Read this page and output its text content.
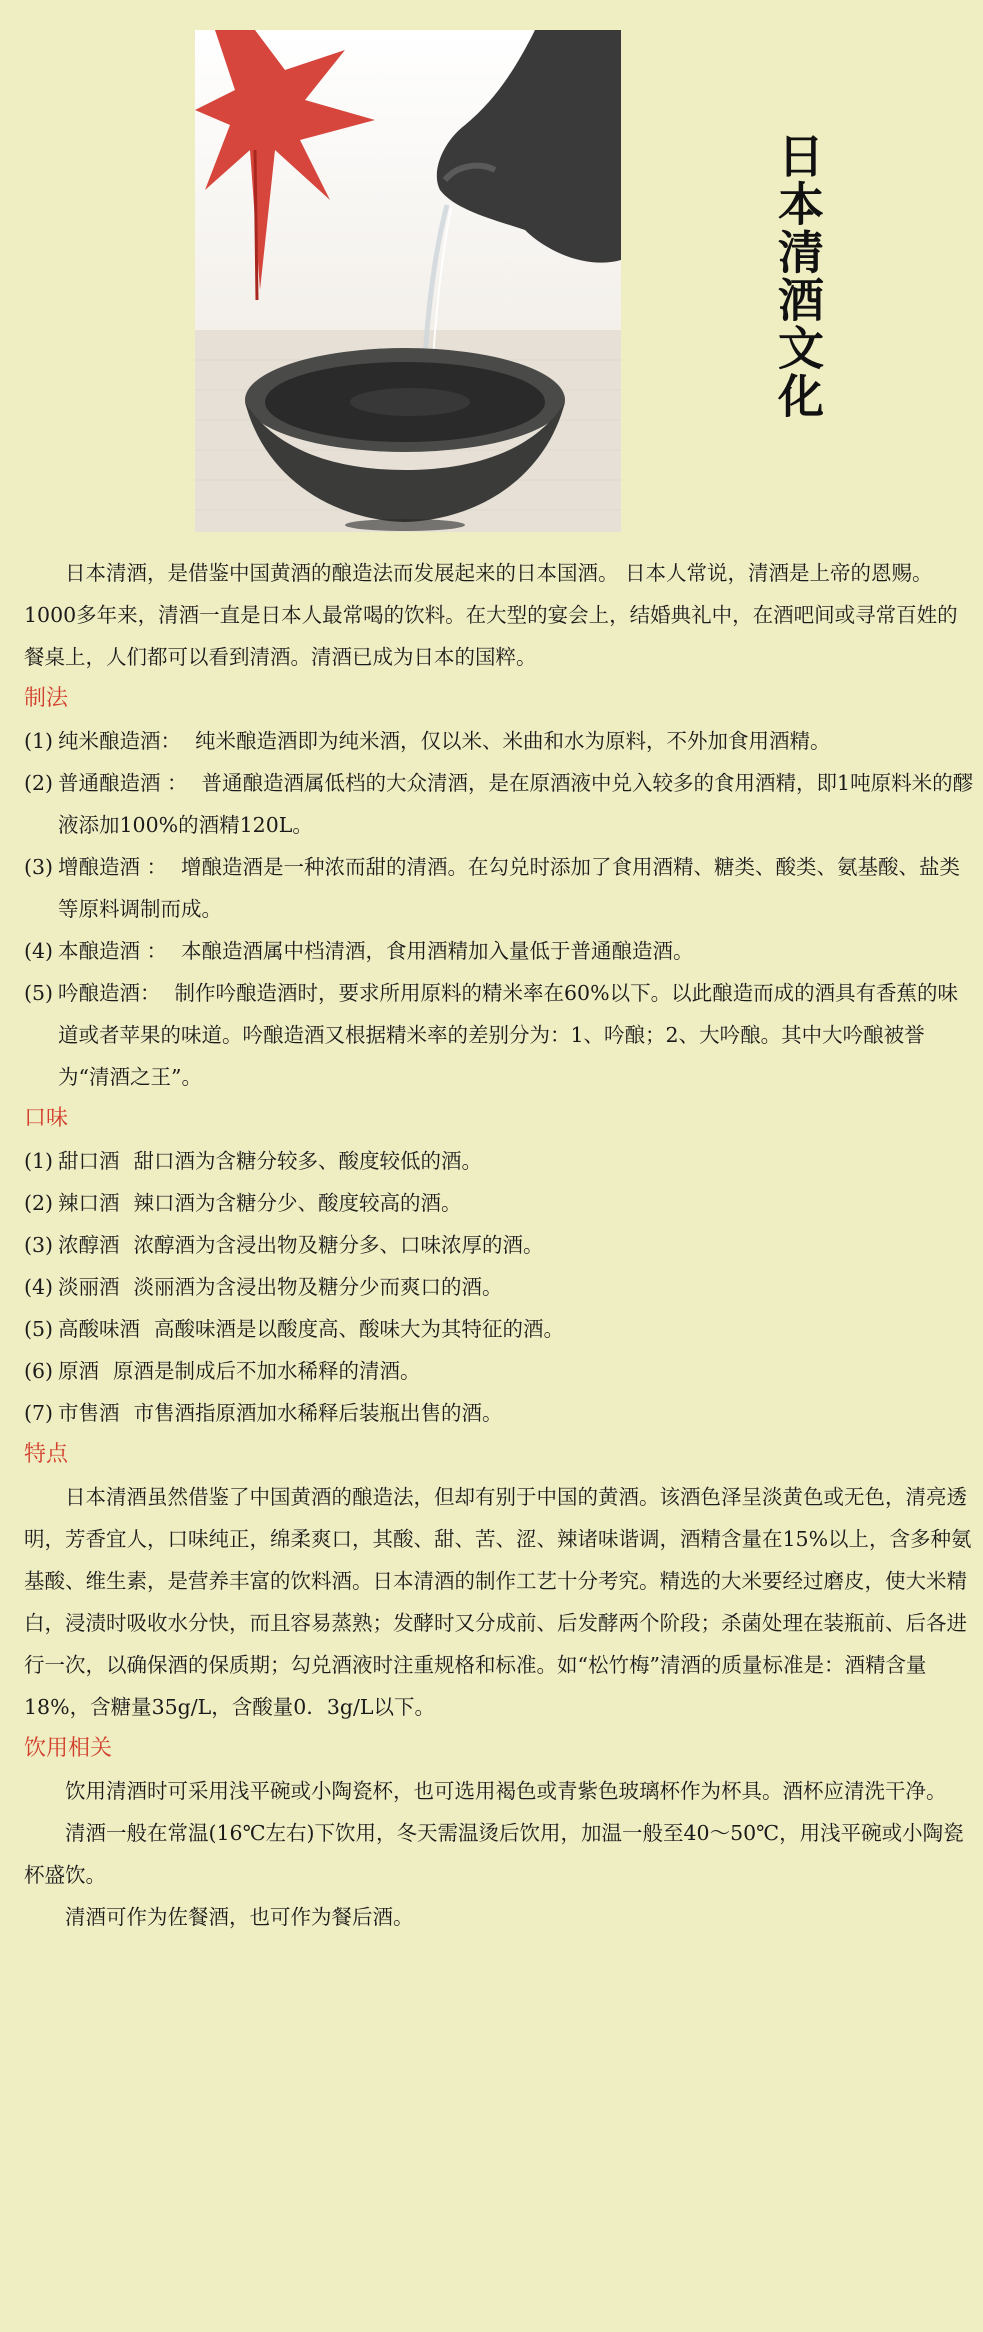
日本清酒文化

日本清酒，是借鉴中国黄酒的酿造法而发展起来的日本国酒。 日本人常说，清酒是上帝的恩赐。1000多年来，清酒一直是日本人最常喝的饮料。在大型的宴会上，结婚典礼中，在酒吧间或寻常百姓的餐桌上，人们都可以看到清酒。清酒已成为日本的国粹。

制法

(1) 纯米酿造酒： 纯米酿造酒即为纯米酒，仅以米、米曲和水为原料，不外加食用酒精。
(2) 普通酿造酒 ： 普通酿造酒属低档的大众清酒，是在原酒液中兑入较多的食用酒精，即1吨原料米的醪液添加100%的酒精120L。
(3) 增酿造酒 ： 增酿造酒是一种浓而甜的清酒。在勾兑时添加了食用酒精、糖类、酸类、氨基酸、盐类等原料调制而成。
(4) 本酿造酒 ： 本酿造酒属中档清酒，食用酒精加入量低于普通酿造酒。
(5) 吟酿造酒： 制作吟酿造酒时，要求所用原料的精米率在60%以下。以此酿造而成的酒具有香蕉的味道或者苹果的味道。吟酿造酒又根据精米率的差别分为：1、吟酿；2、大吟酿。其中大吟酿被誉为“清酒之王”。

口味

(1) 甜口酒 甜口酒为含糖分较多、酸度较低的酒。
(2) 辣口酒 辣口酒为含糖分少、酸度较高的酒。
(3) 浓醇酒 浓醇酒为含浸出物及糖分多、口味浓厚的酒。
(4) 淡丽酒 淡丽酒为含浸出物及糖分少而爽口的酒。
(5) 高酸味酒 高酸味酒是以酸度高、酸味大为其特征的酒。
(6) 原酒 原酒是制成后不加水稀释的清酒。
(7) 市售酒 市售酒指原酒加水稀释后装瓶出售的酒。

特点

日本清酒虽然借鉴了中国黄酒的酿造法，但却有别于中国的黄酒。该酒色泽呈淡黄色或无色，清亮透明，芳香宜人，口味纯正，绵柔爽口，其酸、甜、苦、涩、辣诸味谐调，酒精含量在15%以上，含多种氨基酸、维生素，是营养丰富的饮料酒。日本清酒的制作工艺十分考究。精选的大米要经过磨皮，使大米精白，浸渍时吸收水分快，而且容易蒸熟；发酵时又分成前、后发酵两个阶段；杀菌处理在装瓶前、后各进行一次，以确保酒的保质期；勾兑酒液时注重规格和标准。如“松竹梅”清酒的质量标准是：酒精含量18%，含糖量35g/L，含酸量0．3g/L以下。

饮用相关

饮用清酒时可采用浅平碗或小陶瓷杯，也可选用褐色或青紫色玻璃杯作为杯具。酒杯应清洗干净。

清酒一般在常温(16℃左右)下饮用，冬天需温烫后饮用，加温一般至40～50℃，用浅平碗或小陶瓷杯盛饮。

清酒可作为佐餐酒，也可作为餐后酒。
